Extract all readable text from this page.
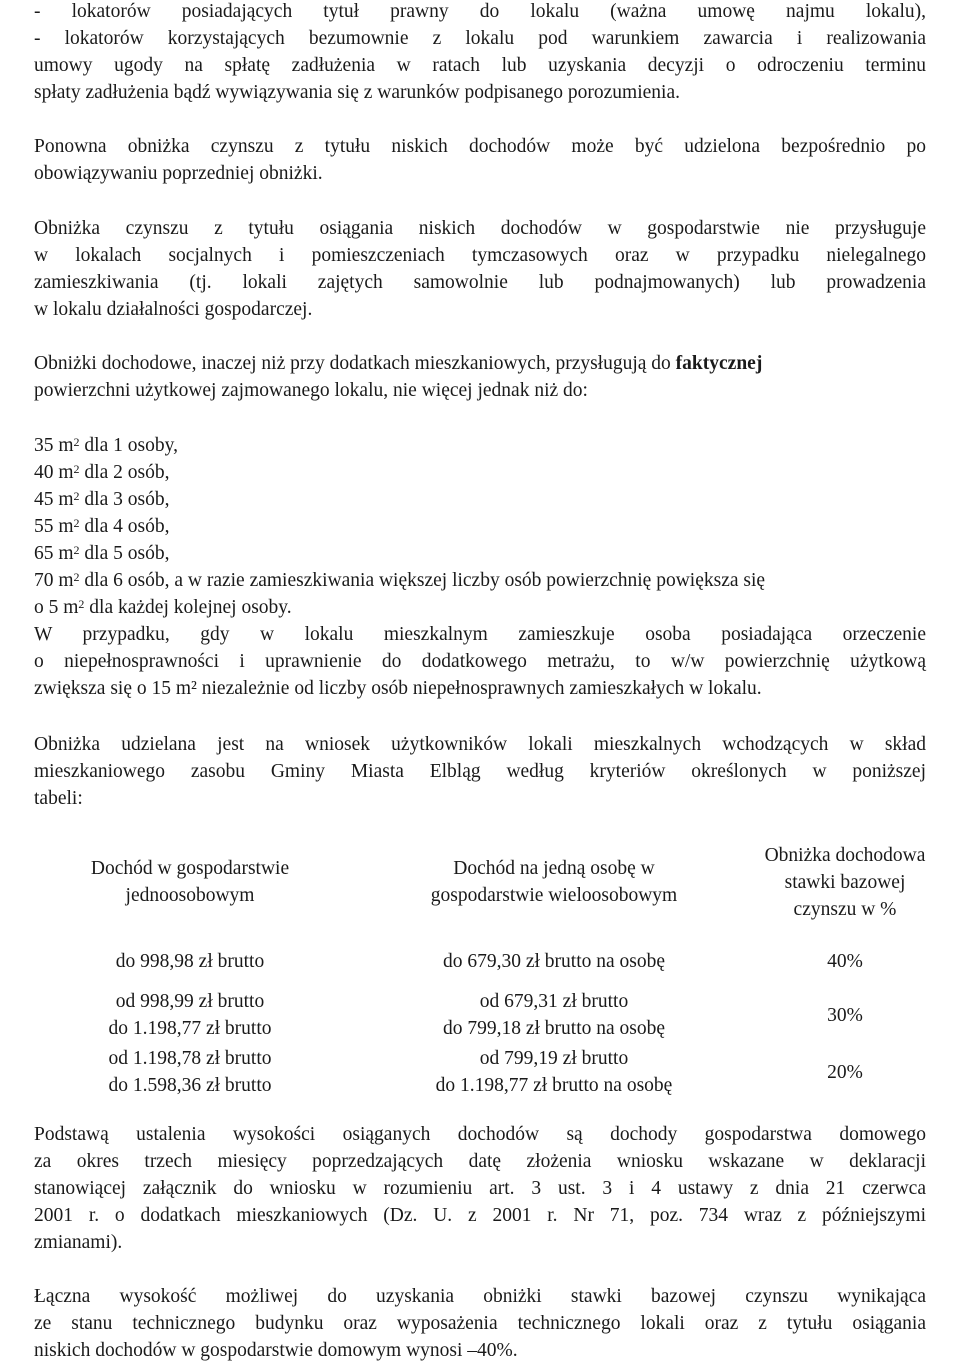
- lokatorów posiadających tytuł prawny do lokalu (ważna umowę najmu lokalu),
- lokatorów korzystających bezumownie z lokalu pod warunkiem zawarcia i realizowania
umowy ugody na spłatę zadłużenia w ratach lub uzyskania decyzji o odroczeniu terminu
spłaty zadłużenia bądź wywiązywania się z warunków podpisanego porozumienia.
Ponowna obniżka czynszu z tytułu niskich dochodów może być udzielona bezpośrednio po
obowiązywaniu poprzedniej obniżki.
Obniżka czynszu z tytułu osiągania niskich dochodów w gospodarstwie nie przysługuje
w lokalach socjalnych i pomieszczeniach tymczasowych oraz w przypadku nielegalnego
zamieszkiwania (tj. lokali zajętych samowolnie lub podnajmowanych) lub prowadzenia
w lokalu działalności gospodarczej.
Obniżki dochodowe, inaczej niż przy dodatkach mieszkaniowych, przysługują do faktycznej
powierzchni użytkowej zajmowanego lokalu, nie więcej jednak niż do:
35 $m^2$ dla 1 osoby,
40 $m^2$ dla 2 osób,
45 $m^2$ dla 3 osób,
55 $m^2$ dla 4 osób,
65 $m^2$ dla 5 osób,
70 $m^2$ dla 6 osób, a w razie zamieszkiwania większej liczby osób powierzchnię powiększa się
o 5 $m^2$ dla każdej kolejnej osoby.
W przypadku, gdy w lokalu mieszkalnym zamieszkuje osoba posiadająca orzeczenie
o niepełnosprawności i uprawnienie do dodatkowego metrażu, to w/w powierzchnię użytkową
zwiększa się o 15 m² niezależnie od liczby osób niepełnosprawnych zamieszkałych w lokalu.
Obniżka udzielana jest na wniosek użytkowników lokali mieszkalnych wchodzących w skład
mieszkaniowego zasobu Gminy Miasta Elbląg według kryteriów określonych w poniższej
tabeli:
Dochód w gospodarstwie
jednoosobowym	Dochód na jedną osobę w
gospodarstwie wieloosobowym	Obniżka dochodowa
stawki bazowej
czynszu w %

do 998,98 zł brutto	do 679,30 zł brutto na osobę	40%

od 998,99 zł brutto
do 1.198,77 zł brutto	od 679,31 zł brutto
do 799,18 zł brutto na osobę	30%

od 1.198,78 zł brutto
do 1.598,36 zł brutto	od 799,19 zł brutto
do 1.198,77 zł brutto na osobę	20%
Podstawą ustalenia wysokości osiąganych dochodów są dochody gospodarstwa domowego
za okres trzech miesięcy poprzedzających datę złożenia wniosku wskazane w deklaracji
stanowiącej załącznik do wniosku w rozumieniu art. 3 ust. 3 i 4 ustawy z dnia 21 czerwca
2001 r. o dodatkach mieszkaniowych (Dz. U. z 2001 r. Nr 71, poz. 734 wraz z późniejszymi
zmianami).
Łączna wysokość możliwej do uzyskania obniżki stawki bazowej czynszu wynikająca
ze stanu technicznego budynku oraz wyposażenia technicznego lokali oraz z tytułu osiągania
niskich dochodów w gospodarstwie domowym wynosi –40%.
